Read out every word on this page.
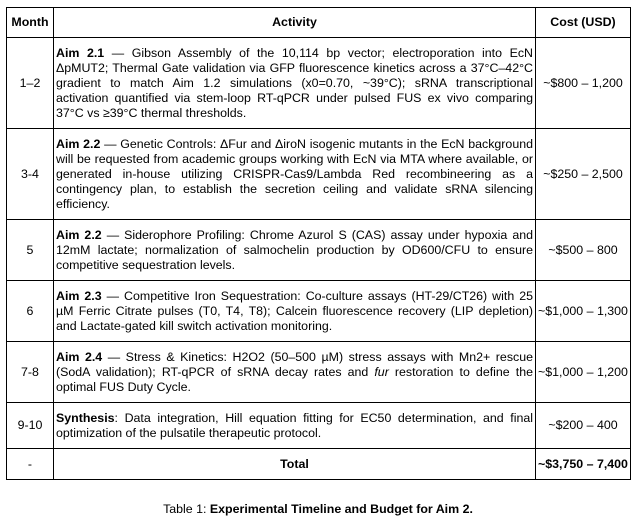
Month	Activity	Cost (USD)
1–2	Aim 2.1 — Gibson Assembly of the 10,114 bp vector; electroporation into EcN ΔpMUT2; Thermal Gate validation via GFP fluorescence kinetics across a 37°C–42°C gradient to match Aim 1.2 simulations (x0=0.70, ~39°C); sRNA transcriptional activation quantified via stem-loop RT-qPCR under pulsed FUS ex vivo comparing 37°C vs ≥39°C thermal thresholds.	~$800 – 1,200
3-4	Aim 2.2 — Genetic Controls: ΔFur and ΔiroN isogenic mutants in the EcN background will be requested from academic groups working with EcN via MTA where available, or generated in-house utilizing CRISPR-Cas9/Lambda Red recombineering as a contingency plan, to establish the secretion ceiling and validate sRNA silencing efficiency.	~$250 – 2,500
5	Aim 2.2 — Siderophore Profiling: Chrome Azurol S (CAS) assay under hypoxia and 12mM lactate; normalization of salmochelin production by OD600/CFU to ensure competitive sequestration levels.	~$500 – 800
6	Aim 2.3 — Competitive Iron Sequestration: Co-culture assays (HT-29/CT26) with 25 µM Ferric Citrate pulses (T0, T4, T8); Calcein fluorescence recovery (LIP depletion) and Lactate-gated kill switch activation monitoring.	~$1,000 – 1,300
7-8	Aim 2.4 — Stress & Kinetics: H2O2 (50–500 µM) stress assays with Mn2+ rescue (SodA validation); RT-qPCR of sRNA decay rates and fur restoration to define the optimal FUS Duty Cycle.	~$1,000 – 1,200
9-10	Synthesis: Data integration, Hill equation fitting for EC50 determination, and final optimization of the pulsatile therapeutic protocol.	~$200 – 400
-	Total	~$3,750 – 7,400
Table 1: Experimental Timeline and Budget for Aim 2.
